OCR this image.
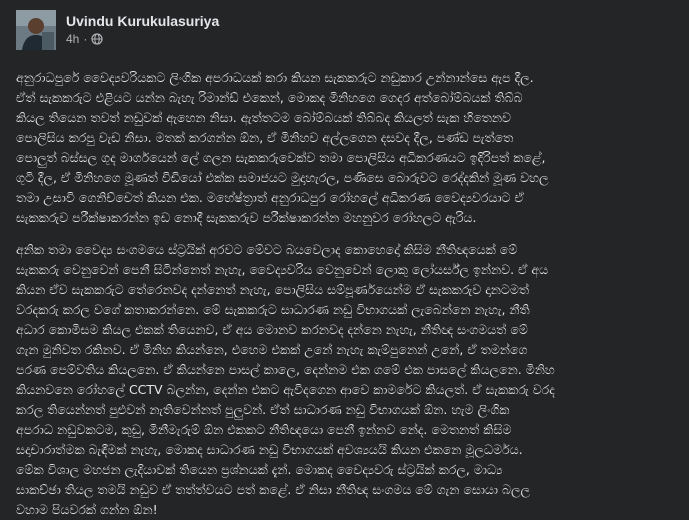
Uvindu Kurukulasuriya
4h ·

අනුරාධපුරේ වෛද්‍යවරියකට ලිංගික අපරාධයක් කරා කියන සැකකරුට නඩුකාර උන්නාන්සෙ ඇප දීල.
ඒත් සැකකරුට එළියට යන්න බැහැ රිමාන්ඩ් එකෙන්, මොකද මිනිහගෙ ගෙදර අත්බෝම්බයක් තිබ්බ
කියල තියෙන තවත් නඩුවක් ඇහෙන නිසා. ඇත්තටම බෝම්බයක් තිබ්බද කියලත් සැක හිතෙනව
පොලිසිය කරපු වැඩ නිසා. මතක් කරගන්න ඕන, ඒ මිනිහව අල්ලගෙන දසවද දීල, පණ්ඩ පැත්තෙ
පොලුත් බස්සල ගුද මාර්ගයෙන් ලේ ගලන සැකකරුවෙක්ව තමා පොලිසිය අධිකරණයට ඉදිරිපත් කළේ,
ගුටි දීල, ඒ මිනිහගෙ මූණත් විඩියෝ එක්ක සමාජයට මුදාහැරල, පණිසෙ බොරුවට රෙද්දකින් මූණ වහල
තමා උසාවි ගෙනිච්චෙත් කියන එක. මහේෂ්ත්‍රාත් අනුරාධපුර රෝහලේ අධිකරණ වෛද්‍යවරයාට ඒ
සැකකරුව පරීක්ෂාකරන්න ඉඩ නොදී සැකකරුව පරීක්ෂාකරන්න මහනුවර රෝහලට ඇරිය.

අනික තමා වෛද්‍ය සංගමයෙ ස්ට්‍රයික් අරවට මේවට බයවෙලාද කොහෙදෝ කිසිම නීතිඥයෙක් මේ
සැකකරු වෙනුවෙන් පෙනී සිටින්නෙත් නැහැ, වෛද්‍යවරිය වෙනුවෙන් ලොකු ලෝයර්ස්ල ඉන්නව. ඒ අය
කියන ඒව සැකකරුට තේරෙනවද දන්නෙත් නැහැ, පොලිසිය සම්පූර්ණයෙන්ම ඒ සැකකරුව දානටමත්
වරදකරු කරල වගේ කතාකරන්නෙ. මේ සැකකරුට සාධාරණ නඩු විභාගයක් ලැබෙන්නෙ නැහැ, නීති
අධාර කොමිසම කියල එකක් තියෙනව, ඒ අය මොනව කරනවද දන්නෙ නැහැ, නීතිඥ සංගමයත් මේ
ගැන මුනිවත රකිනව. ඒ මිනිහ කියන්නෙ, එහෙම එකක් උනේ නැහැ කැම්පුනෙන් උනේ, ඒ තමන්ගෙ
පරණ පෙම්වතිය කියලනෙ. ඒ කියන්නෙ පාසල් කාලෙ, දෙන්නම එක ගමේ එක පාසලේ කියලනෙ. මිනිහ
කියනවනෙ රෝහලේ CCTV බලන්න, දෙන්න එකට ඇවිදගෙන ආවෙ කාමරේට කියලත්. ඒ සැකකරු වරද
කරල තියෙන්නත් පුළුවන් නැතිවෙන්නත් පුලුවන්. ඒත් සාධාරණ නඩු විභාගයක් ඕන. හැම ලිංගික
අපරාධ නඩුවකටම, කුඩු, මිනීමැරුම් ඕන එකකට නීතිඥයො පෙනී ඉන්නව නේද. මෙතනත් කිසිම
සදාචාරාත්මක බැඳීමක් නැහැ, මොකද සාධාරණ නඩු විභාගයක් අවශ්‍යයයි කියන එකනෙ මූලධර්මය.
මේක විශාල මහජන ලැදියාවක් තියෙන ප්‍රශ්නයක් දැන්. මොකද වෛද්‍යවරු ස්ට්‍රයික් කරල, මාධ්‍ය
සාකච්ඡා තියල තමයි නඩුව ඒ තත්ත්වයට පත් කළේ. ඒ නිසා නීතිඥ සංගමය මේ ගැන සොයා බලල
වහාම පියවරක් ගන්න ඕන!
